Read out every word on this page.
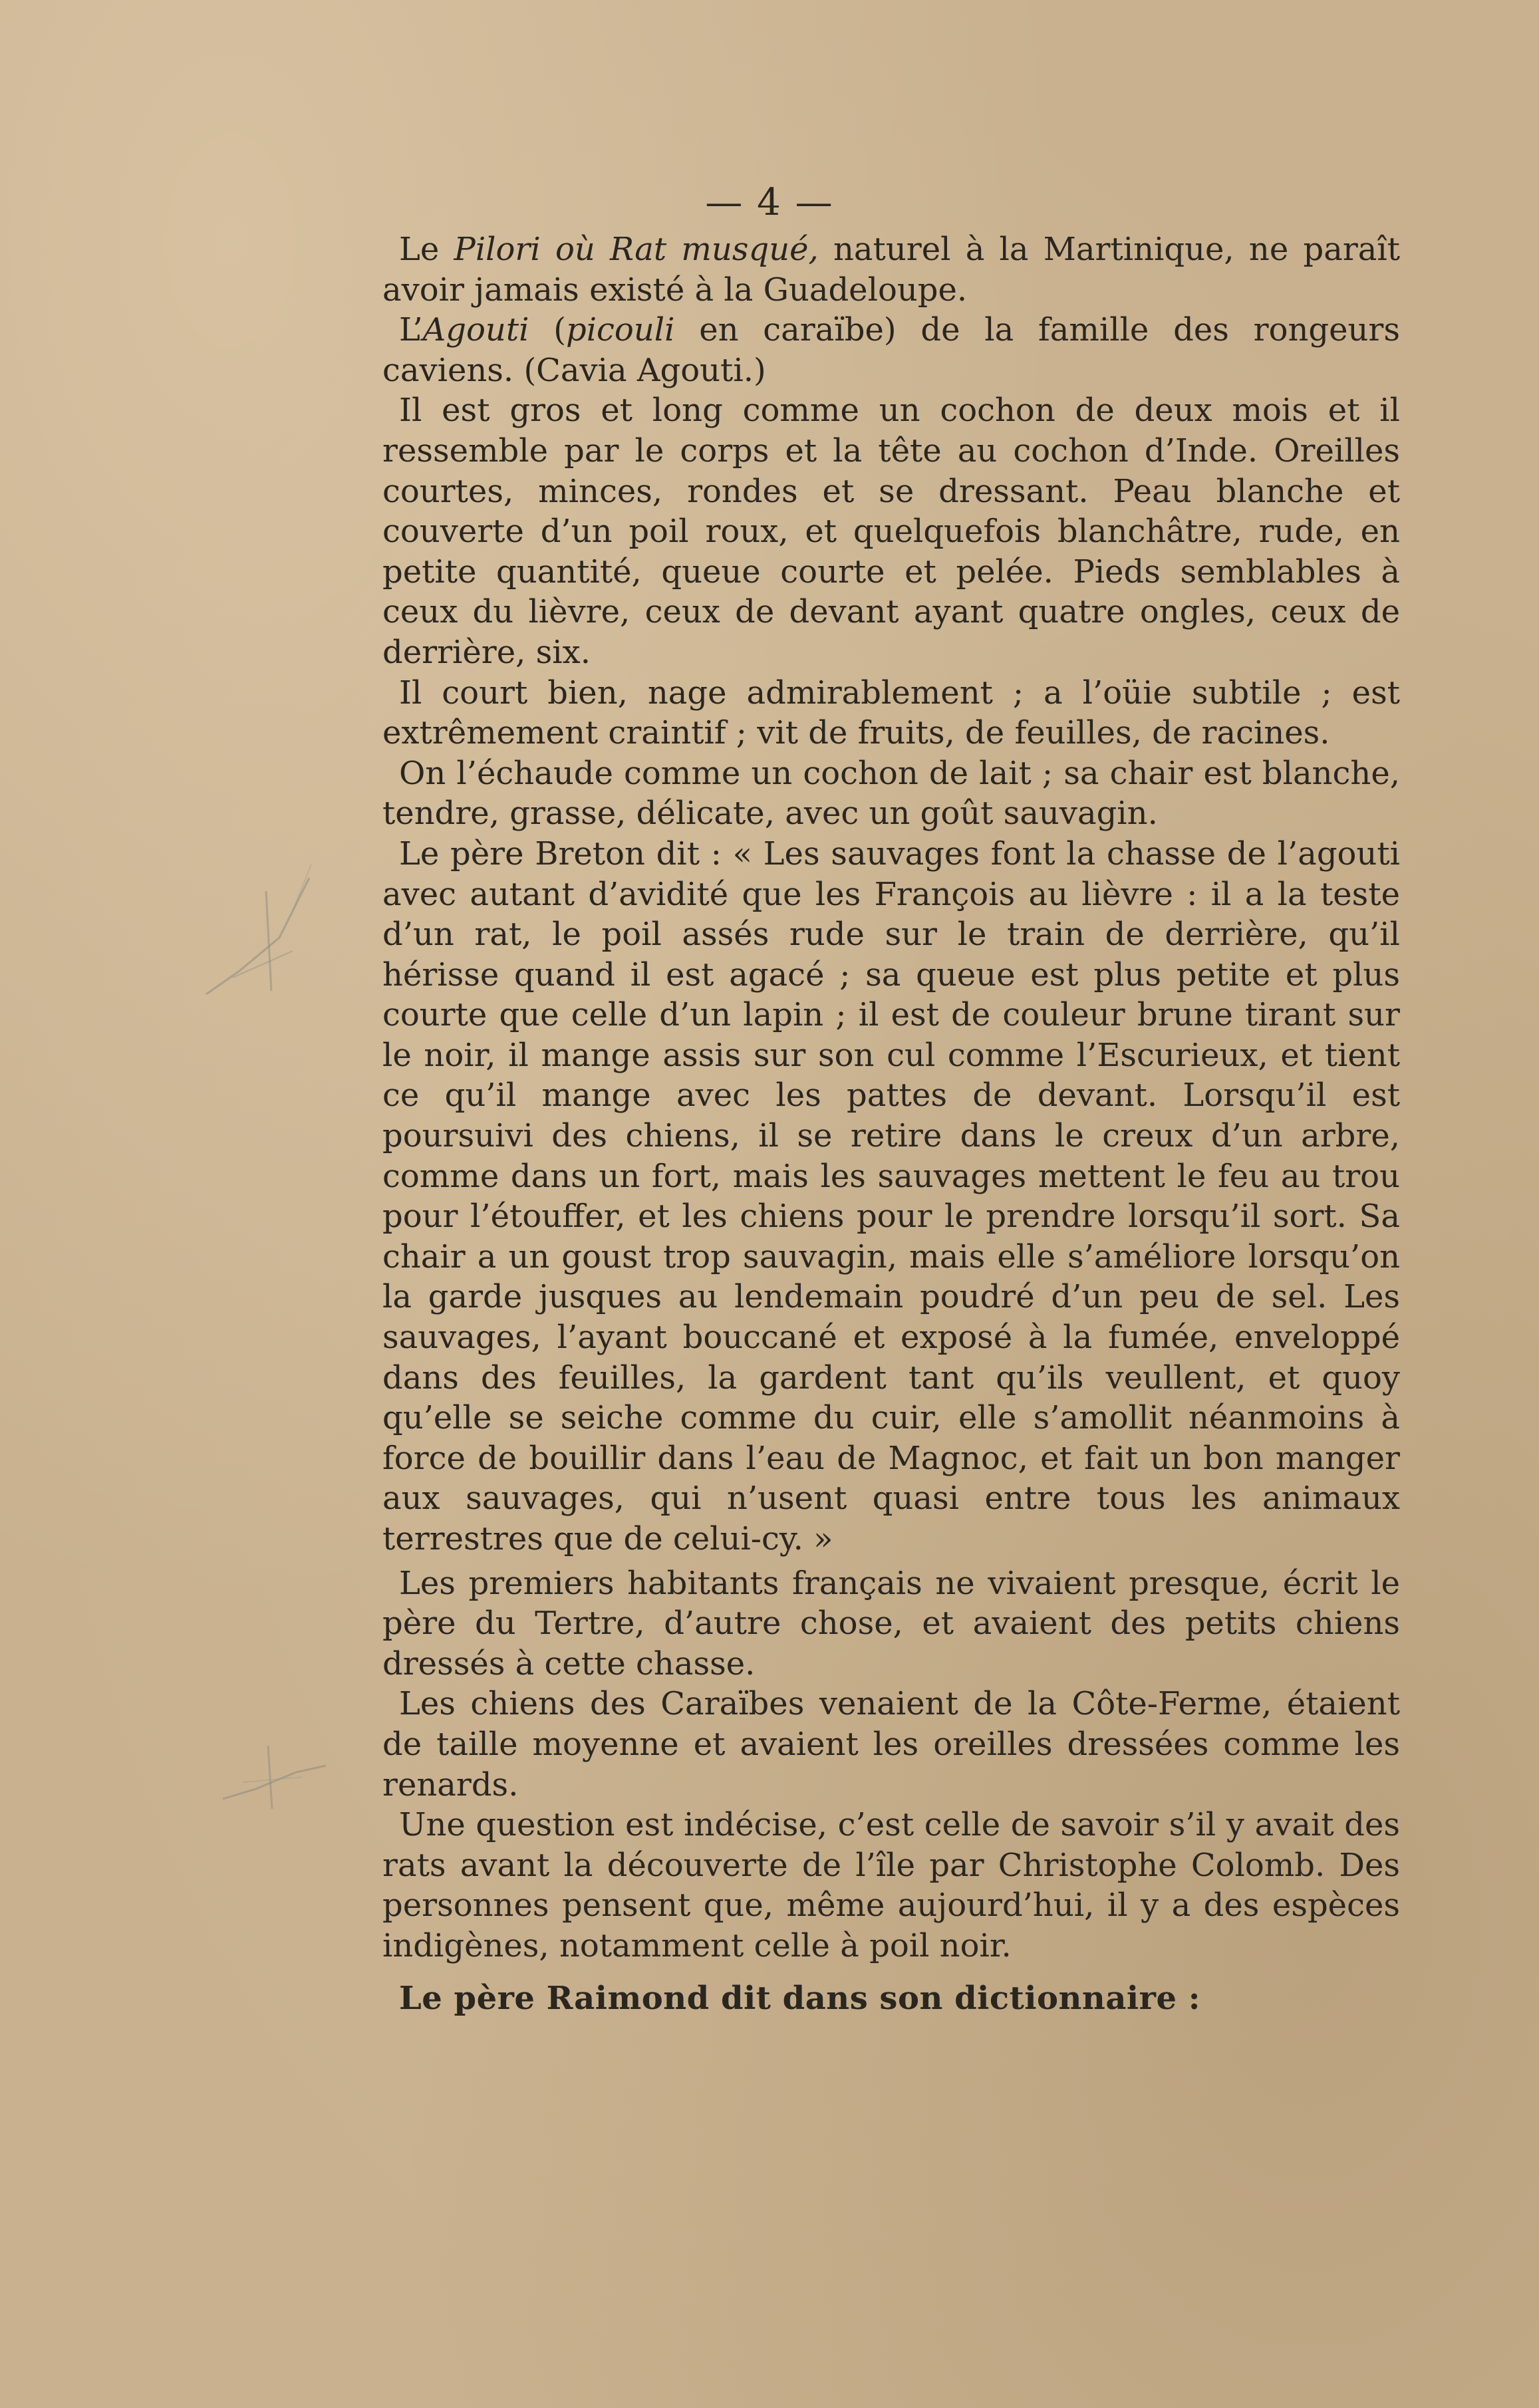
— 4 —

Le Pilori où Rat musqué, naturel à la Martinique, ne paraît avoir jamais existé à la Guadeloupe.

L’Agouti (picouli en caraïbe) de la famille des rongeurs caviens. (Cavia Agouti.)

Il est gros et long comme un cochon de deux mois et il ressemble par le corps et la tête au cochon d’Inde. Oreilles courtes, minces, rondes et se dressant. Peau blanche et couverte d’un poil roux, et quelquefois blanchâtre, rude, en petite quantité, queue courte et pelée. Pieds semblables à ceux du lièvre, ceux de devant ayant quatre ongles, ceux de derrière, six.

Il court bien, nage admirablement ; a l’oüie subtile ; est extrêmement craintif ; vit de fruits, de feuilles, de racines.

On l’échaude comme un cochon de lait ; sa chair est blanche, tendre, grasse, délicate, avec un goût sauvagin.

Le père Breton dit : « Les sauvages font la chasse de l’agouti avec autant d’avidité que les François au lièvre : il a la teste d’un rat, le poil assés rude sur le train de derrière, qu’il hérisse quand il est agacé ; sa queue est plus petite et plus courte que celle d’un lapin ; il est de couleur brune tirant sur le noir, il mange assis sur son cul comme l’Escurieux, et tient ce qu’il mange avec les pattes de devant. Lorsqu’il est poursuivi des chiens, il se retire dans le creux d’un arbre, comme dans un fort, mais les sauvages mettent le feu au trou pour l’étouffer, et les chiens pour le prendre lorsqu’il sort. Sa chair a un goust trop sauvagin, mais elle s’améliore lorsqu’on la garde jusques au lendemain poudré d’un peu de sel. Les sauvages, l’ayant bouccané et exposé à la fumée, enveloppé dans des feuilles, la gardent tant qu’ils veullent, et quoy qu’elle se seiche comme du cuir, elle s’amollit néanmoins à force de bouillir dans l’eau de Magnoc, et fait un bon manger aux sauvages, qui n’usent quasi entre tous les animaux terrestres que de celui-cy. »

Les premiers habitants français ne vivaient presque, écrit le père du Tertre, d’autre chose, et avaient des petits chiens dressés à cette chasse.

Les chiens des Caraïbes venaient de la Côte-Ferme, étaient de taille moyenne et avaient les oreilles dressées comme les renards.

Une question est indécise, c’est celle de savoir s’il y avait des rats avant la découverte de l’île par Christophe Colomb. Des personnes pensent que, même aujourd’hui, il y a des espèces indigènes, notamment celle à poil noir.

Le père Raimond dit dans son dictionnaire :
